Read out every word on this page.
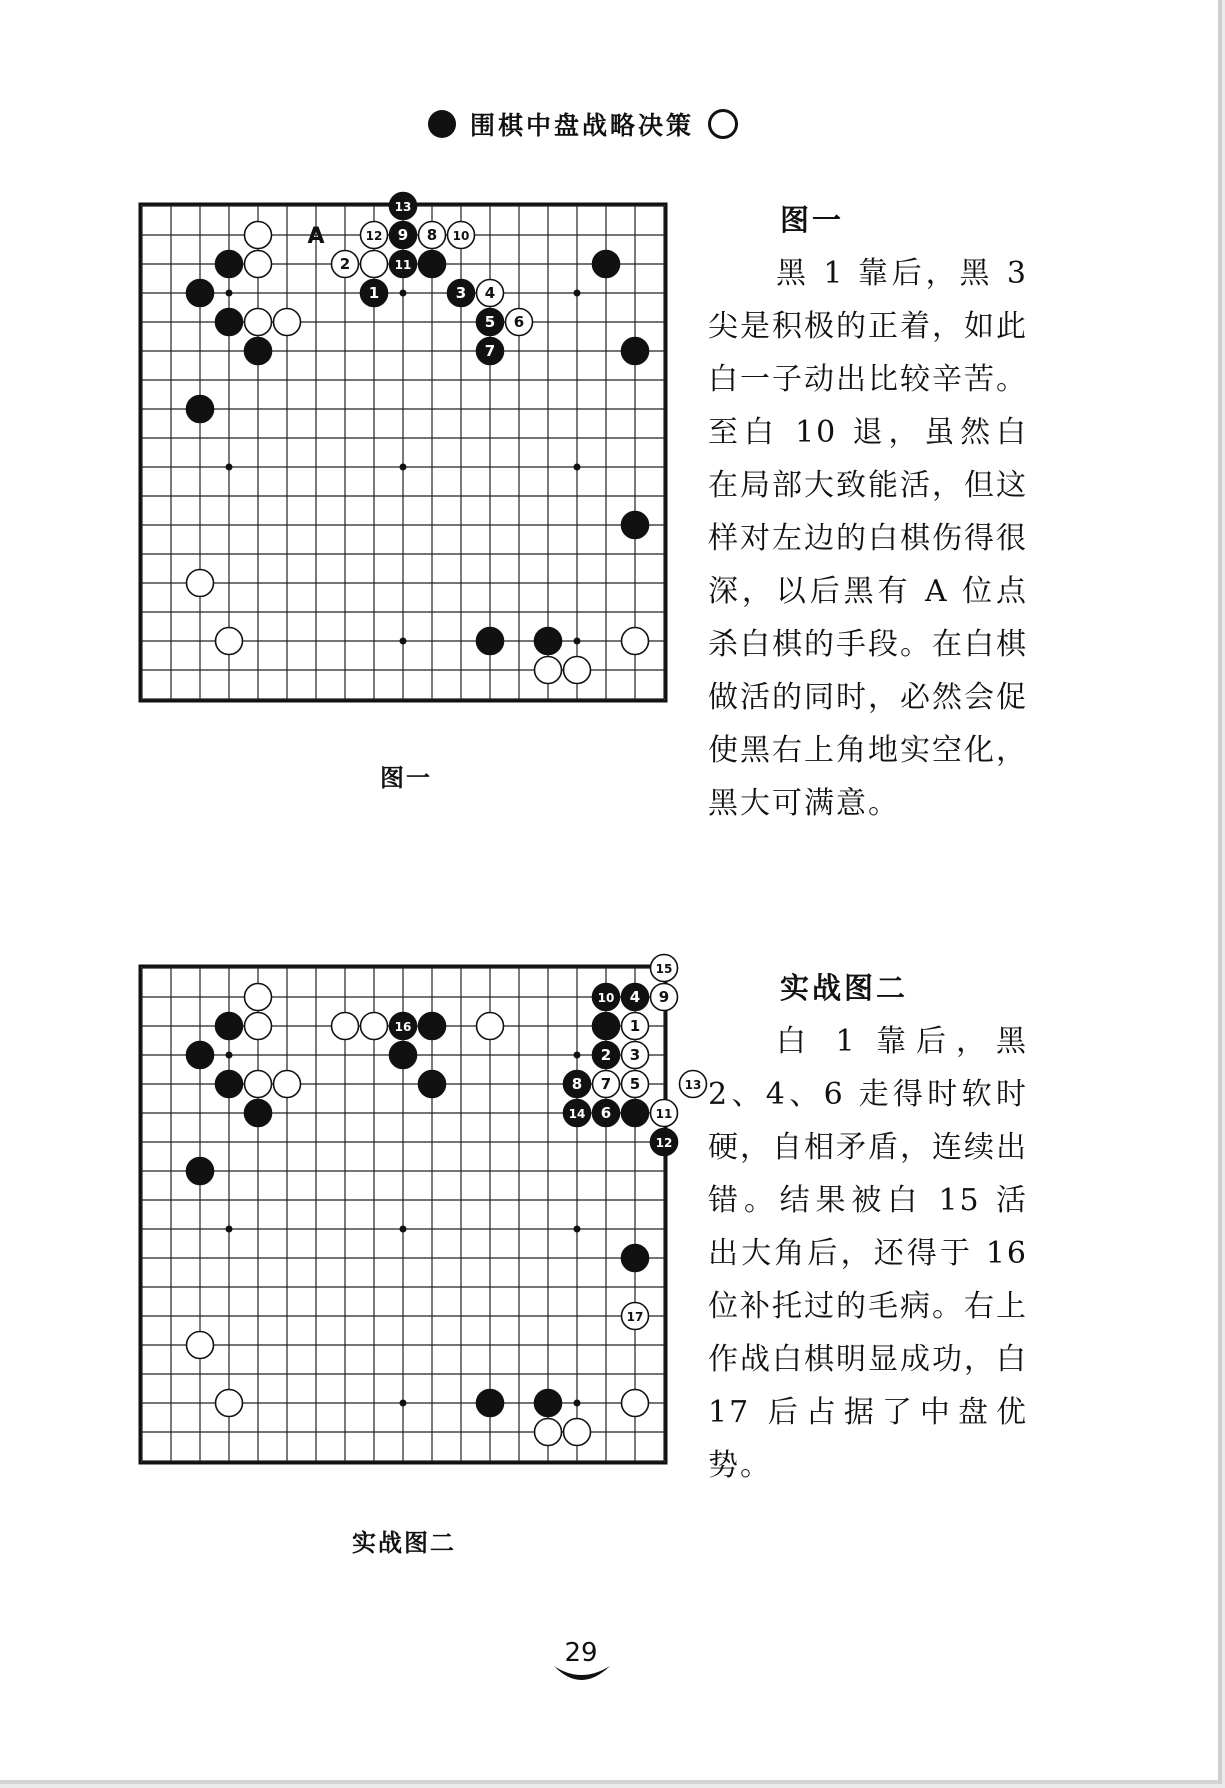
围棋中盘战略决策
13
12 9 8 10
2	11
1	3 4
5 6
7
A
图一
图一
黑 1 靠后，黑 3 尖是积极的正着，如此白一子动出比较辛苦。至白 10 退，虽然白在局部大致能活，但这样对左边的白棋伤得很深，以后黑有 A 位点杀白棋的手段。在白棋做活的同时，必然会促使黑右上角地实空化，黑大可满意。
15
10 4 9
16	1
2 3
8 7 5	13
14 6	11
12
17
实战图二
实战图二
白 1 靠后，黑 2、4、6 走得时软时硬，自相矛盾，连续出错。结果被白 15 活出大角后，还得于 16 位补托过的毛病。右上作战白棋明显成功，白 17 后占据了中盘优势。
29
